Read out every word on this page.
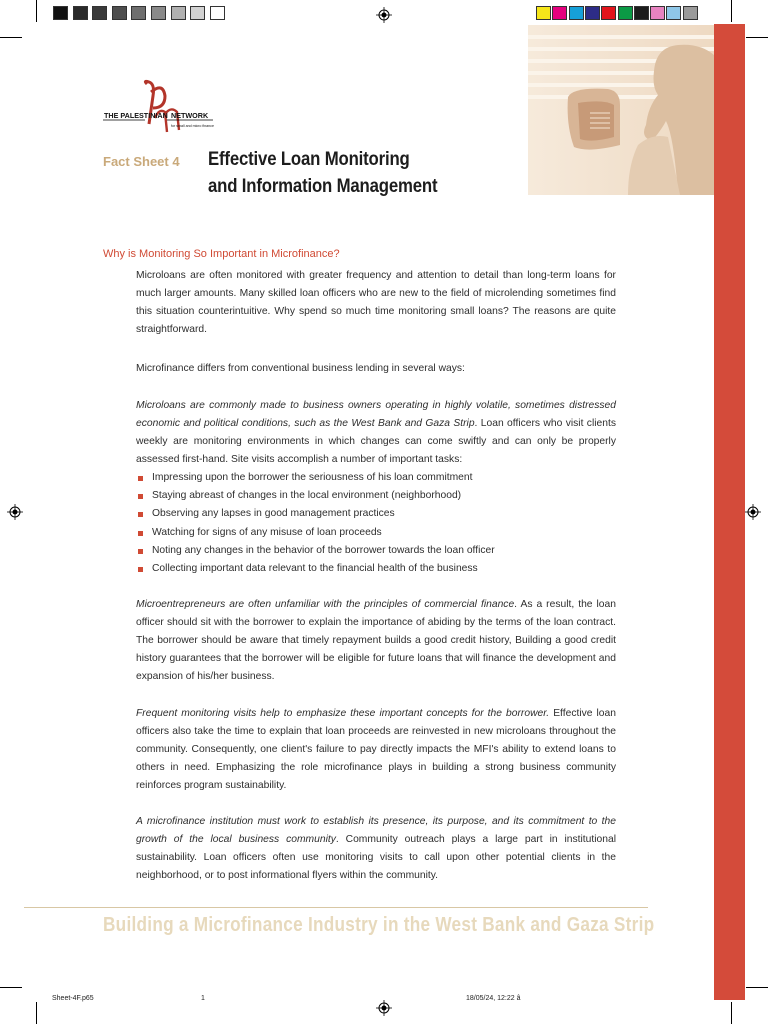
THE PALESTINIAN NETWORK
for small and micro finance
Fact Sheet 4 Effective Loan Monitoring
and Information Management
Why is Monitoring So Important in Microfinance?
Microloans are often monitored with greater frequency and attention to detail than long-term loans for much larger amounts. Many skilled loan officers who are new to the field of microlending sometimes find this situation counterintuitive. Why spend so much time monitoring small loans? The reasons are quite straightforward.
Microfinance differs from conventional business lending in several ways:
Microloans are commonly made to business owners operating in highly volatile, sometimes distressed economic and political conditions, such as the West Bank and Gaza Strip. Loan officers who visit clients weekly are monitoring environments in which changes can come swiftly and can only be properly assessed first-hand. Site visits accomplish a number of important tasks:
Impressing upon the borrower the seriousness of his loan commitment
Staying abreast of changes in the local environment (neighborhood)
Observing any lapses in good management practices
Watching for signs of any misuse of loan proceeds
Noting any changes in the behavior of the borrower towards the loan officer
Collecting important data relevant to the financial health of the business
Microentrepreneurs are often unfamiliar with the principles of commercial finance. As a result, the loan officer should sit with the borrower to explain the importance of abiding by the terms of the loan contract. The borrower should be aware that timely repayment builds a good credit history, Building a good credit history guarantees that the borrower will be eligible for future loans that will finance the development and expansion of his/her business.
Frequent monitoring visits help to emphasize these important concepts for the borrower. Effective loan officers also take the time to explain that loan proceeds are reinvested in new microloans throughout the community. Consequently, one client's failure to pay directly impacts the MFI's ability to extend loans to others in need. Emphasizing the role microfinance plays in building a strong business community reinforces program sustainability.
A microfinance institution must work to establish its presence, its purpose, and its commitment to the growth of the local business community. Community outreach plays a large part in institutional sustainability. Loan officers often use monitoring visits to call upon other potential clients in the neighborhood, or to post informational flyers within the community.
Building a Microfinance Industry in the West Bank and Gaza Strip
Sheet-4F.p65	1	18/05/24, 12:22 â
